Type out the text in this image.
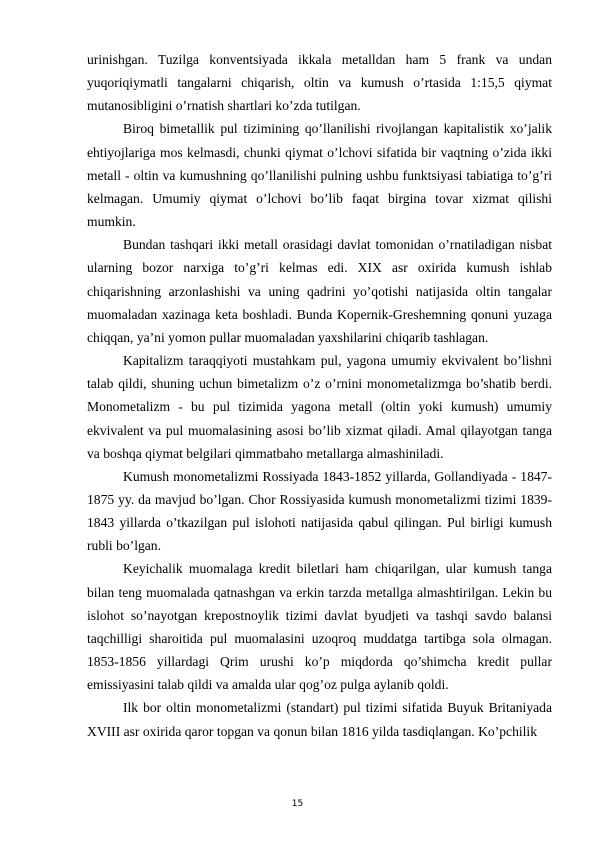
urinishgan. Tuzilga konventsiyada ikkala metalldan ham 5 frank va undan yuqoriqiymatli tangalarni chiqarish, oltin va kumush o’rtasida 1:15,5 qiymat mutanosibligini o’rnatish shartlari ko’zda tutilgan.

Biroq bimetallik pul tizimining qo’llanilishi rivojlangan kapitalistik xo’jalik ehtiyojlariga mos kelmasdi, chunki qiymat o’lchovi sifatida bir vaqtning o’zida ikki metall - oltin va kumushning qo’llanilishi pulning ushbu funktsiyasi tabiatiga to’g’ri kelmagan. Umumiy qiymat o’lchovi bo’lib faqat birgina tovar xizmat qilishi mumkin.

Bundan tashqari ikki metall orasidagi davlat tomonidan o’rnatiladigan nisbat ularning bozor narxiga to’g’ri kelmas edi. XIX asr oxirida kumush ishlab chiqarishning arzonlashishi va uning qadrini yo’qotishi natijasida oltin tangalar muomaladan xazinaga keta boshladi. Bunda Kopernik-Greshemning qonuni yuzaga chiqqan, ya’ni yomon pullar muomaladan yaxshilarini chiqarib tashlagan.

Kapitalizm taraqqiyoti mustahkam pul, yagona umumiy ekvivalent bo’lishni talab qildi, shuning uchun bimetalizm o’z o’rnini monometalizmga bo’shatib berdi. Monometalizm - bu pul tizimida yagona metall (oltin yoki kumush) umumiy ekvivalent va pul muomalasining asosi bo’lib xizmat qiladi. Amal qilayotgan tanga va boshqa qiymat belgilari qimmatbaho metallarga almashiniladi.

Kumush monometalizmi Rossiyada 1843-1852 yillarda, Gollandiyada - 1847- 1875 yy. da mavjud bo’lgan. Chor Rossiyasida kumush monometalizmi tizimi 1839-1843 yillarda o’tkazilgan pul islohoti natijasida qabul qilingan. Pul birligi kumush rubli bo’lgan.

Keyichalik muomalaga kredit biletlari ham chiqarilgan, ular kumush tanga bilan teng muomalada qatnashgan va erkin tarzda metallga almashtirilgan. Lekin bu islohot so’nayotgan krepostnoylik tizimi davlat byudjeti va tashqi savdo balansi taqchilligi sharoitida pul muomalasini uzoqroq muddatga tartibga sola olmagan. 1853-1856 yillardagi Qrim urushi ko’p miqdorda qo’shimcha kredit pullar emissiyasini talab qildi va amalda ular qog’oz pulga aylanib qoldi.

Ilk bor oltin monometalizmi (standart) pul tizimi sifatida Buyuk Britaniyada XVIII asr oxirida qaror topgan va qonun bilan 1816 yilda tasdiqlangan. Ko’pchilik

15
